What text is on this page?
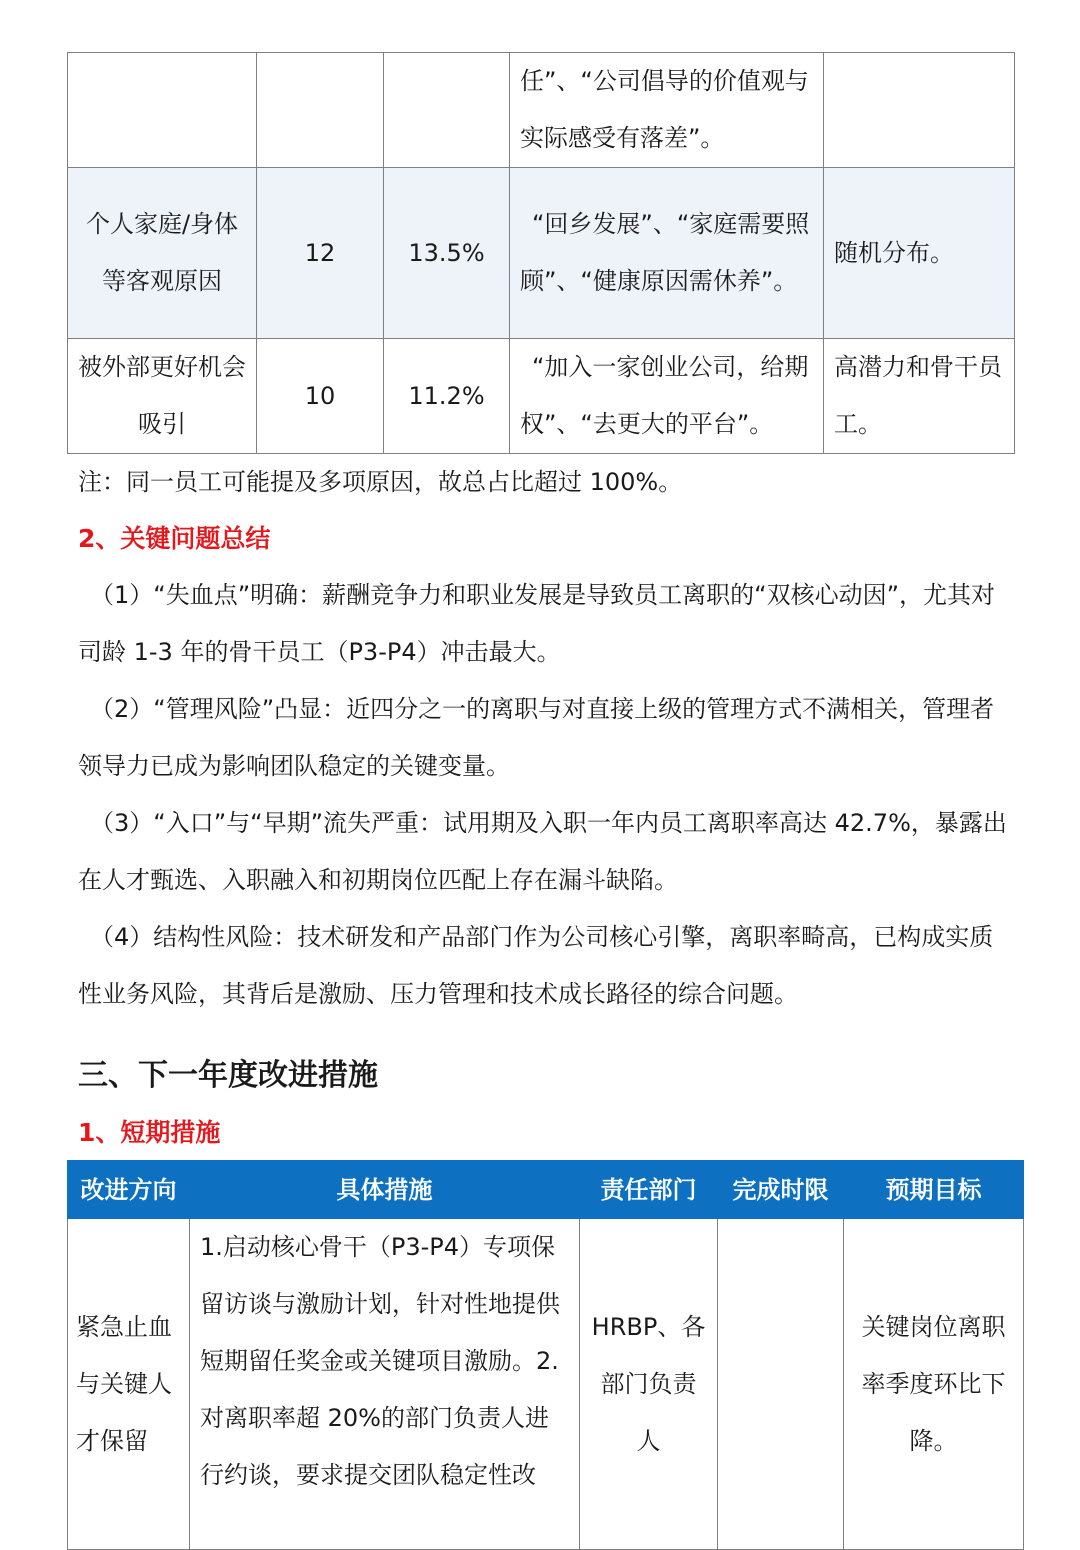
			任”、“公司倡导的价值观与实际感受有落差”。	
个人家庭/身体等客观原因	12	13.5%	“回乡发展”、“家庭需要照顾”、“健康原因需休养”。	随机分布。
被外部更好机会吸引	10	11.2%	“加入一家创业公司，给期权”、“去更大的平台”。	高潜力和骨干员工。
注：同一员工可能提及多项原因，故总占比超过 100%。
2、关键问题总结
（1）“失血点”明确：薪酬竞争力和职业发展是导致员工离职的“双核心动因”，尤其对司龄 1-3 年的骨干员工（P3-P4）冲击最大。
（2）“管理风险”凸显：近四分之一的离职与对直接上级的管理方式不满相关，管理者领导力已成为影响团队稳定的关键变量。
（3）“入口”与“早期”流失严重：试用期及入职一年内员工离职率高达 42.7%，暴露出在人才甄选、入职融入和初期岗位匹配上存在漏斗缺陷。
（4）结构性风险：技术研发和产品部门作为公司核心引擎，离职率畸高，已构成实质性业务风险，其背后是激励、压力管理和技术成长路径的综合问题。
三、下一年度改进措施
1、短期措施
改进方向	具体措施	责任部门	完成时限	预期目标
紧急止血与关键人才保留	1.启动核心骨干（P3-P4）专项保留访谈与激励计划，针对性地提供短期留任奖金或关键项目激励。2.对离职率超 20%的部门负责人进行约谈，要求提交团队稳定性改	HRBP、各部门负责人		关键岗位离职率季度环比下降。
